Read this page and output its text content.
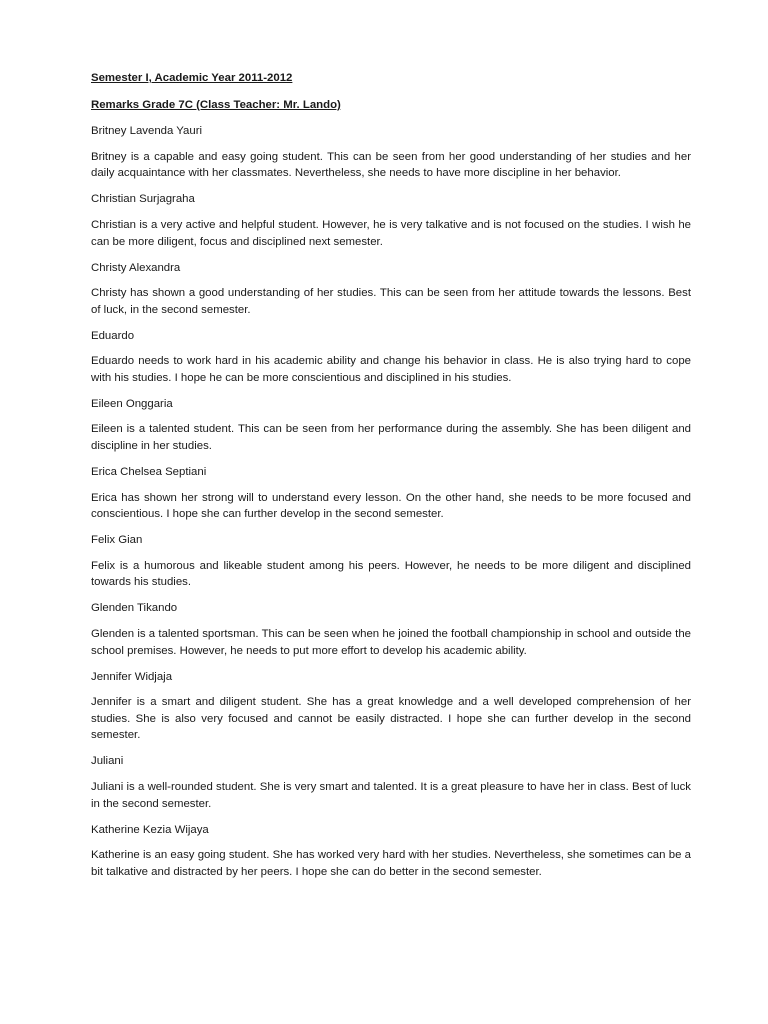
Semester I, Academic Year 2011-2012

Remarks Grade 7C (Class Teacher: Mr. Lando)

Britney Lavenda Yauri

Britney is a capable and easy going student. This can be seen from her good understanding of her studies and her daily acquaintance with her classmates. Nevertheless, she needs to have more discipline in her behavior.

Christian Surjagraha

Christian is a very active and helpful student. However, he is very talkative and is not focused on the studies. I wish he can be more diligent, focus and disciplined next semester.

Christy Alexandra

Christy has shown a good understanding of her studies. This can be seen from her attitude towards the lessons. Best of luck, in the second semester.

Eduardo

Eduardo needs to work hard in his academic ability and change his behavior in class. He is also trying hard to cope with his studies. I hope he can be more conscientious and disciplined in his studies.

Eileen Onggaria

Eileen is a talented student. This can be seen from her performance during the assembly. She has been diligent and discipline in her studies.

Erica Chelsea Septiani

Erica has shown her strong will to understand every lesson. On the other hand, she needs to be more focused and conscientious. I hope she can further develop in the second semester.

Felix Gian

Felix is a humorous and likeable student among his peers. However, he needs to be more diligent and disciplined towards his studies.

Glenden Tikando

Glenden is a talented sportsman. This can be seen when he joined the football championship in school and outside the school premises. However, he needs to put more effort to develop his academic ability.

Jennifer Widjaja

Jennifer is a smart and diligent student. She has a great knowledge and a well developed comprehension of her studies. She is also very focused and cannot be easily distracted. I hope she can further develop in the second semester.

Juliani

Juliani is a well-rounded student. She is very smart and talented. It is a great pleasure to have her in class. Best of luck in the second semester.

Katherine Kezia Wijaya

Katherine is an easy going student. She has worked very hard with her studies. Nevertheless, she sometimes can be a bit talkative and distracted by her peers. I hope she can do better in the second semester.
